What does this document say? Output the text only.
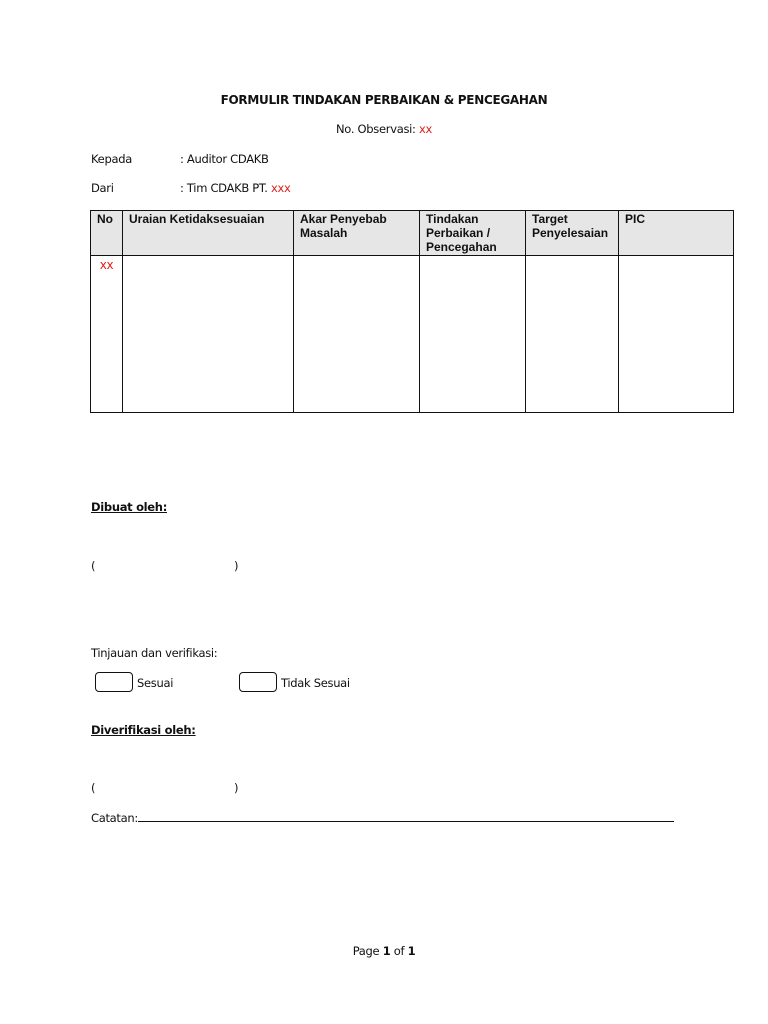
FORMULIR TINDAKAN PERBAIKAN & PENCEGAHAN
No. Observasi: xx
Kepada	: Auditor CDAKB
Dari	: Tim CDAKB PT. xxx
No	Uraian Ketidaksesuaian	Akar Penyebab Masalah	Tindakan Perbaikan / Pencegahan	Target Penyelesaian	PIC
xx					
Dibuat oleh:
(	)
Tinjauan dan verifikasi:
Sesuai	Tidak Sesuai
Diverifikasi oleh:
(	)
Catatan:
Page 1 of 1
